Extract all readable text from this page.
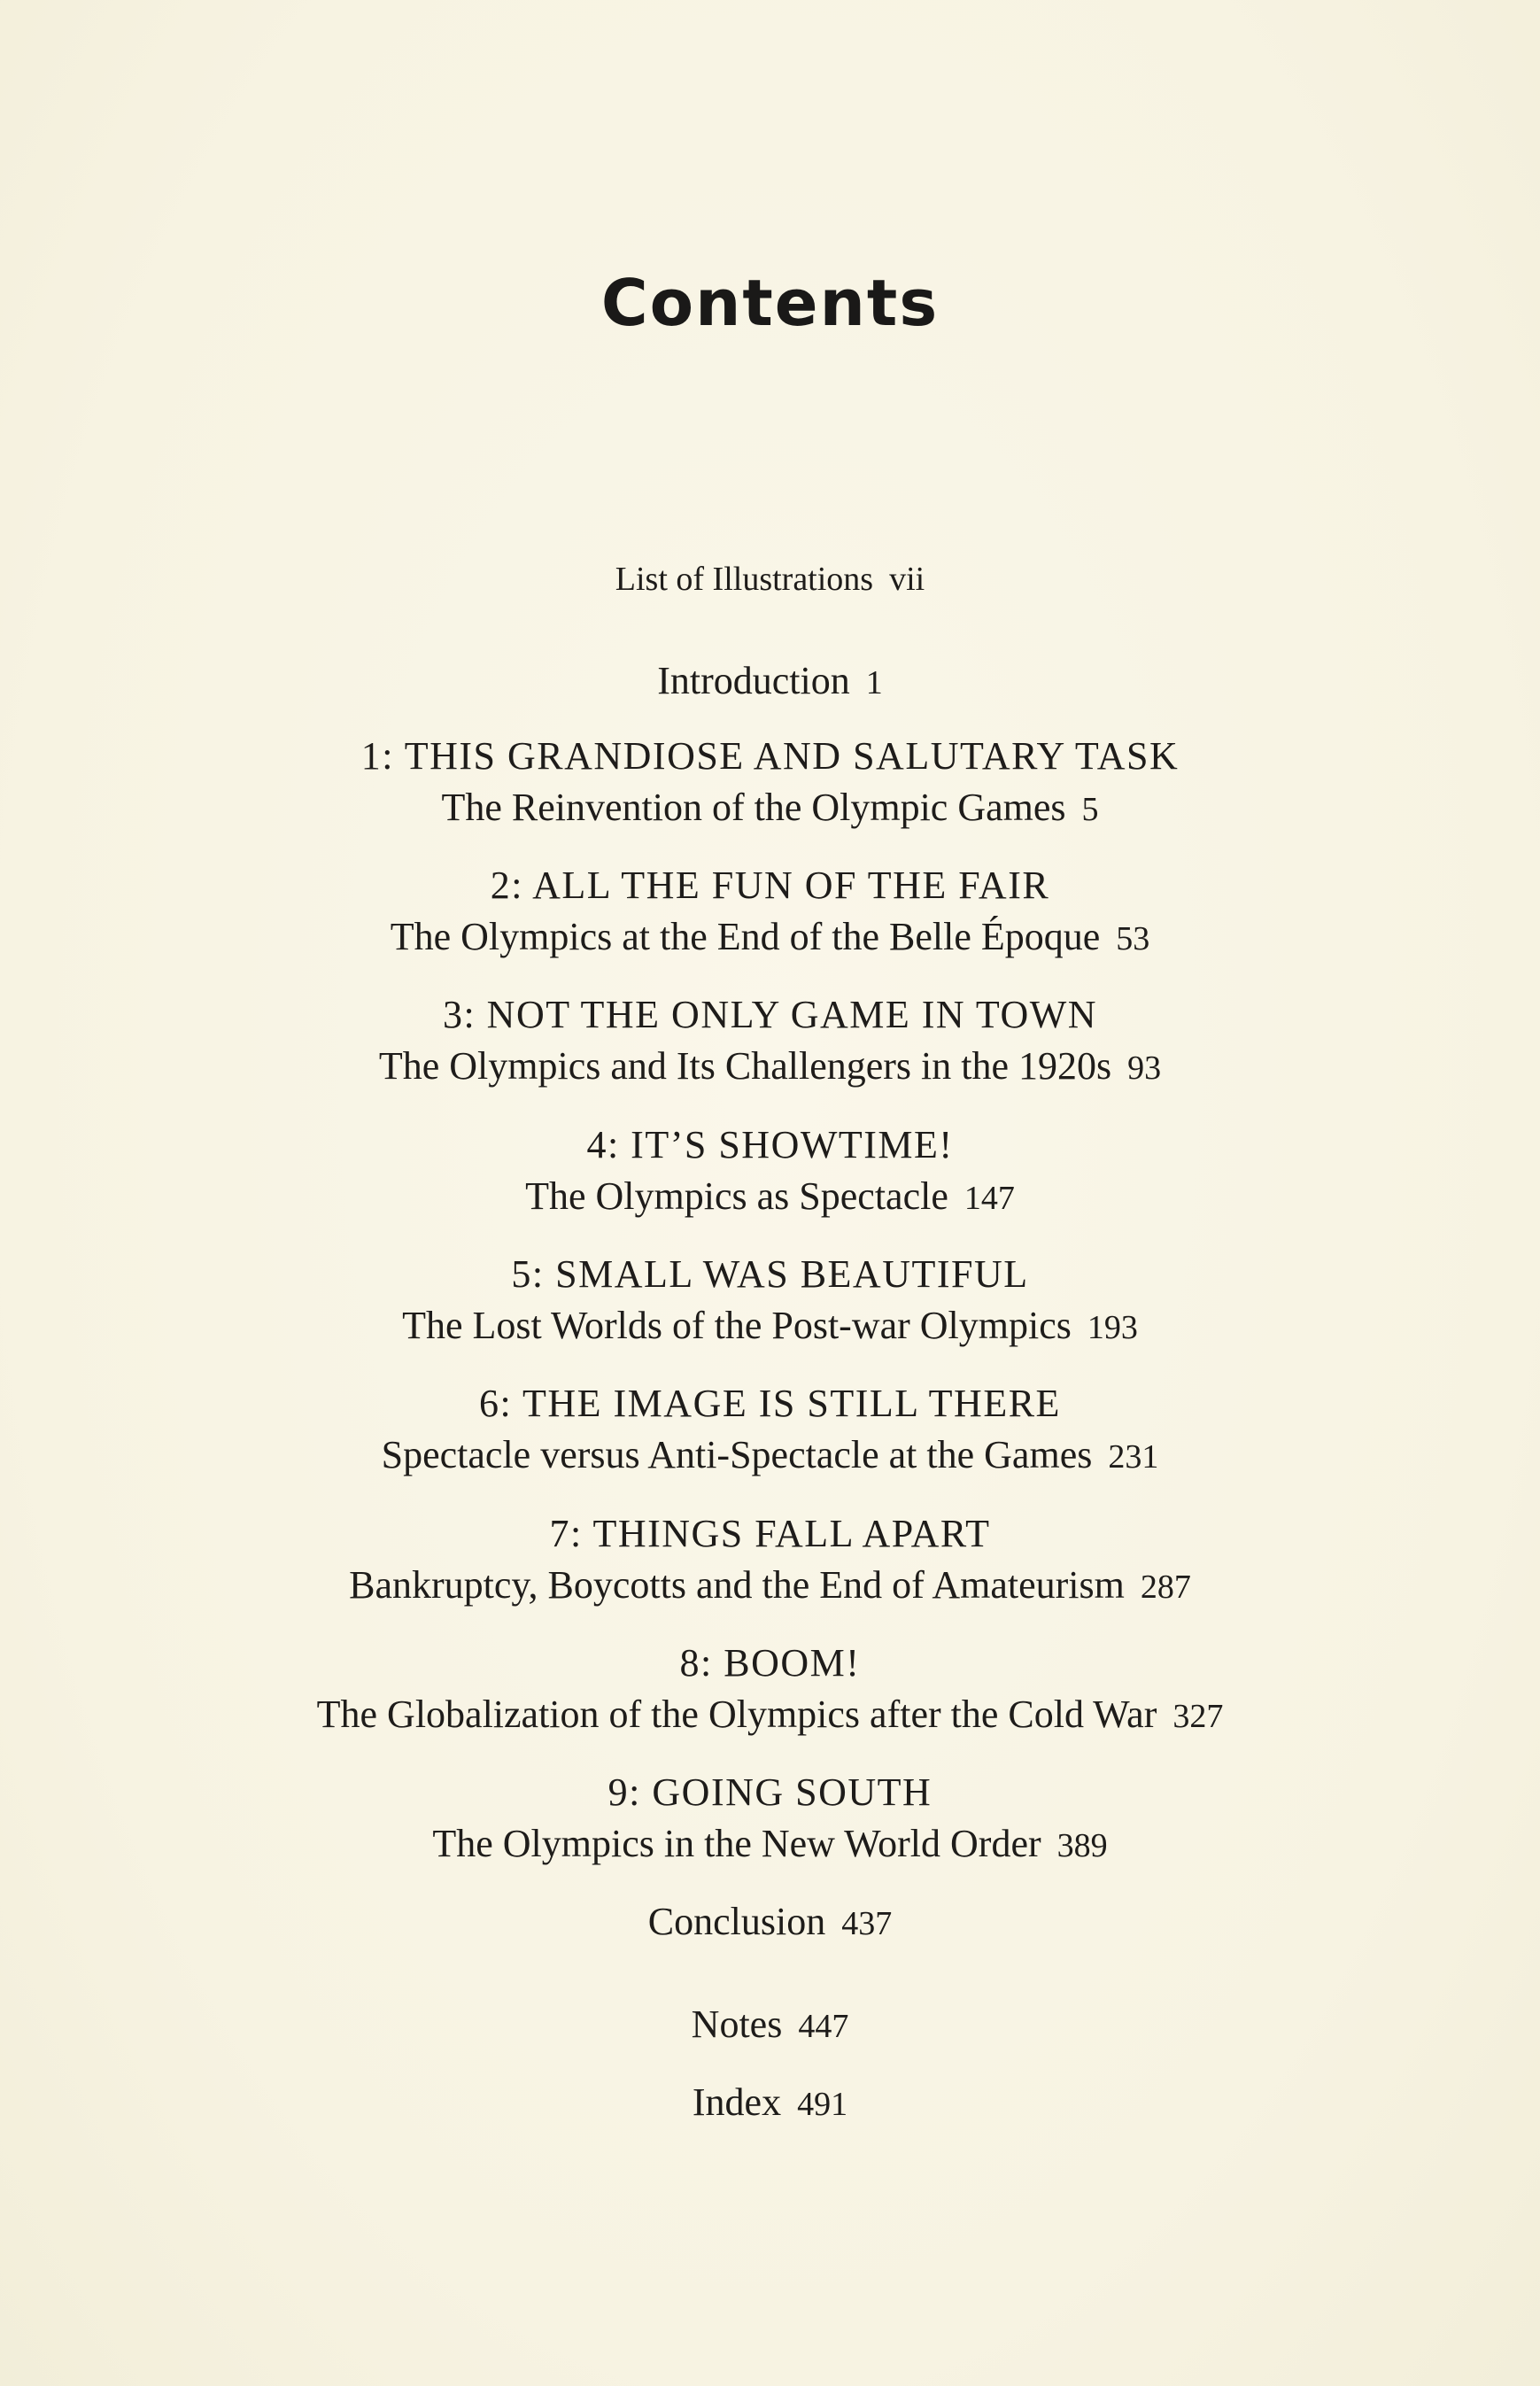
Contents
List of Illustrations vii
Introduction 1
1: THIS GRANDIOSE AND SALUTARY TASK
The Reinvention of the Olympic Games 5
2: ALL THE FUN OF THE FAIR
The Olympics at the End of the Belle Époque 53
3: NOT THE ONLY GAME IN TOWN
The Olympics and Its Challengers in the 1920s 93
4: IT’S SHOWTIME!
The Olympics as Spectacle 147
5: SMALL WAS BEAUTIFUL
The Lost Worlds of the Post-war Olympics 193
6: THE IMAGE IS STILL THERE
Spectacle versus Anti-Spectacle at the Games 231
7: THINGS FALL APART
Bankruptcy, Boycotts and the End of Amateurism 287
8: BOOM!
The Globalization of the Olympics after the Cold War 327
9: GOING SOUTH
The Olympics in the New World Order 389
Conclusion 437
Notes 447
Index 491
